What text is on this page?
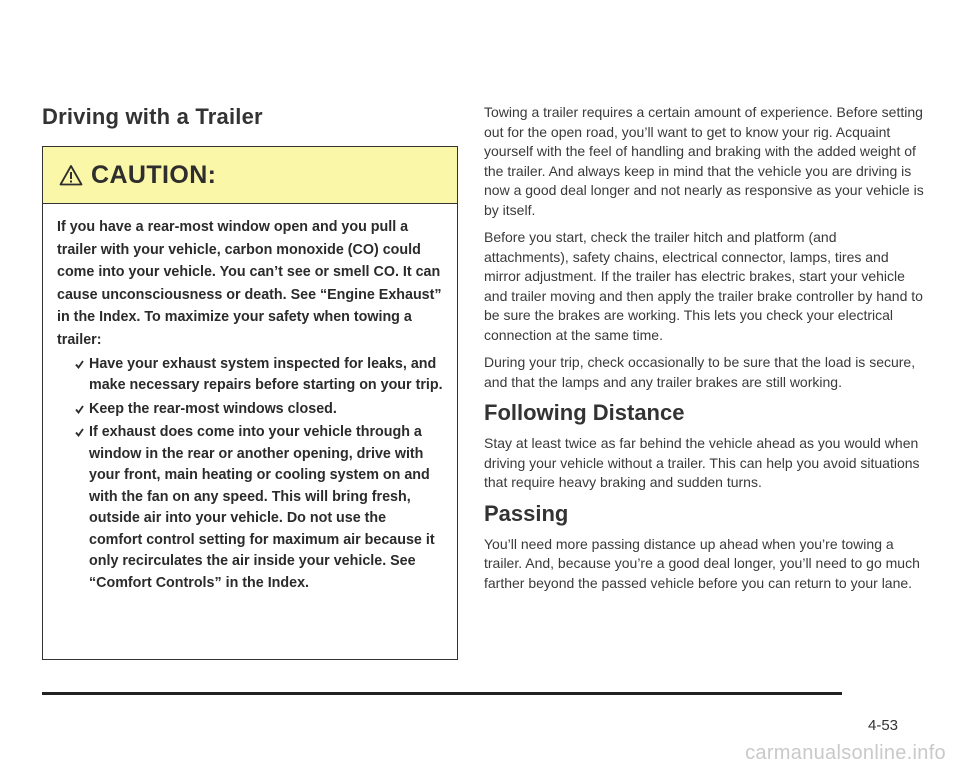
Driving with a Trailer
CAUTION:

If you have a rear-most window open and you pull a trailer with your vehicle, carbon monoxide (CO) could come into your vehicle. You can’t see or smell CO. It can cause unconsciousness or death. See “Engine Exhaust” in the Index. To maximize your safety when towing a trailer:

Have your exhaust system inspected for leaks, and make necessary repairs before starting on your trip.
Keep the rear-most windows closed.
If exhaust does come into your vehicle through a window in the rear or another opening, drive with your front, main heating or cooling system on and with the fan on any speed. This will bring fresh, outside air into your vehicle. Do not use the comfort control setting for maximum air because it only recirculates the air inside your vehicle. See “Comfort Controls” in the Index.

Towing a trailer requires a certain amount of experience. Before setting out for the open road, you’ll want to get to know your rig. Acquaint yourself with the feel of handling and braking with the added weight of the trailer. And always keep in mind that the vehicle you are driving is now a good deal longer and not nearly as responsive as your vehicle is by itself.

Before you start, check the trailer hitch and platform (and attachments), safety chains, electrical connector, lamps, tires and mirror adjustment. If the trailer has electric brakes, start your vehicle and trailer moving and then apply the trailer brake controller by hand to be sure the brakes are working. This lets you check your electrical connection at the same time.

During your trip, check occasionally to be sure that the load is secure, and that the lamps and any trailer brakes are still working.

Following Distance

Stay at least twice as far behind the vehicle ahead as you would when driving your vehicle without a trailer. This can help you avoid situations that require heavy braking and sudden turns.

Passing

You’ll need more passing distance up ahead when you’re towing a trailer. And, because you’re a good deal longer, you’ll need to go much farther beyond the passed vehicle before you can return to your lane.

4-53
carmanualsonline.info
